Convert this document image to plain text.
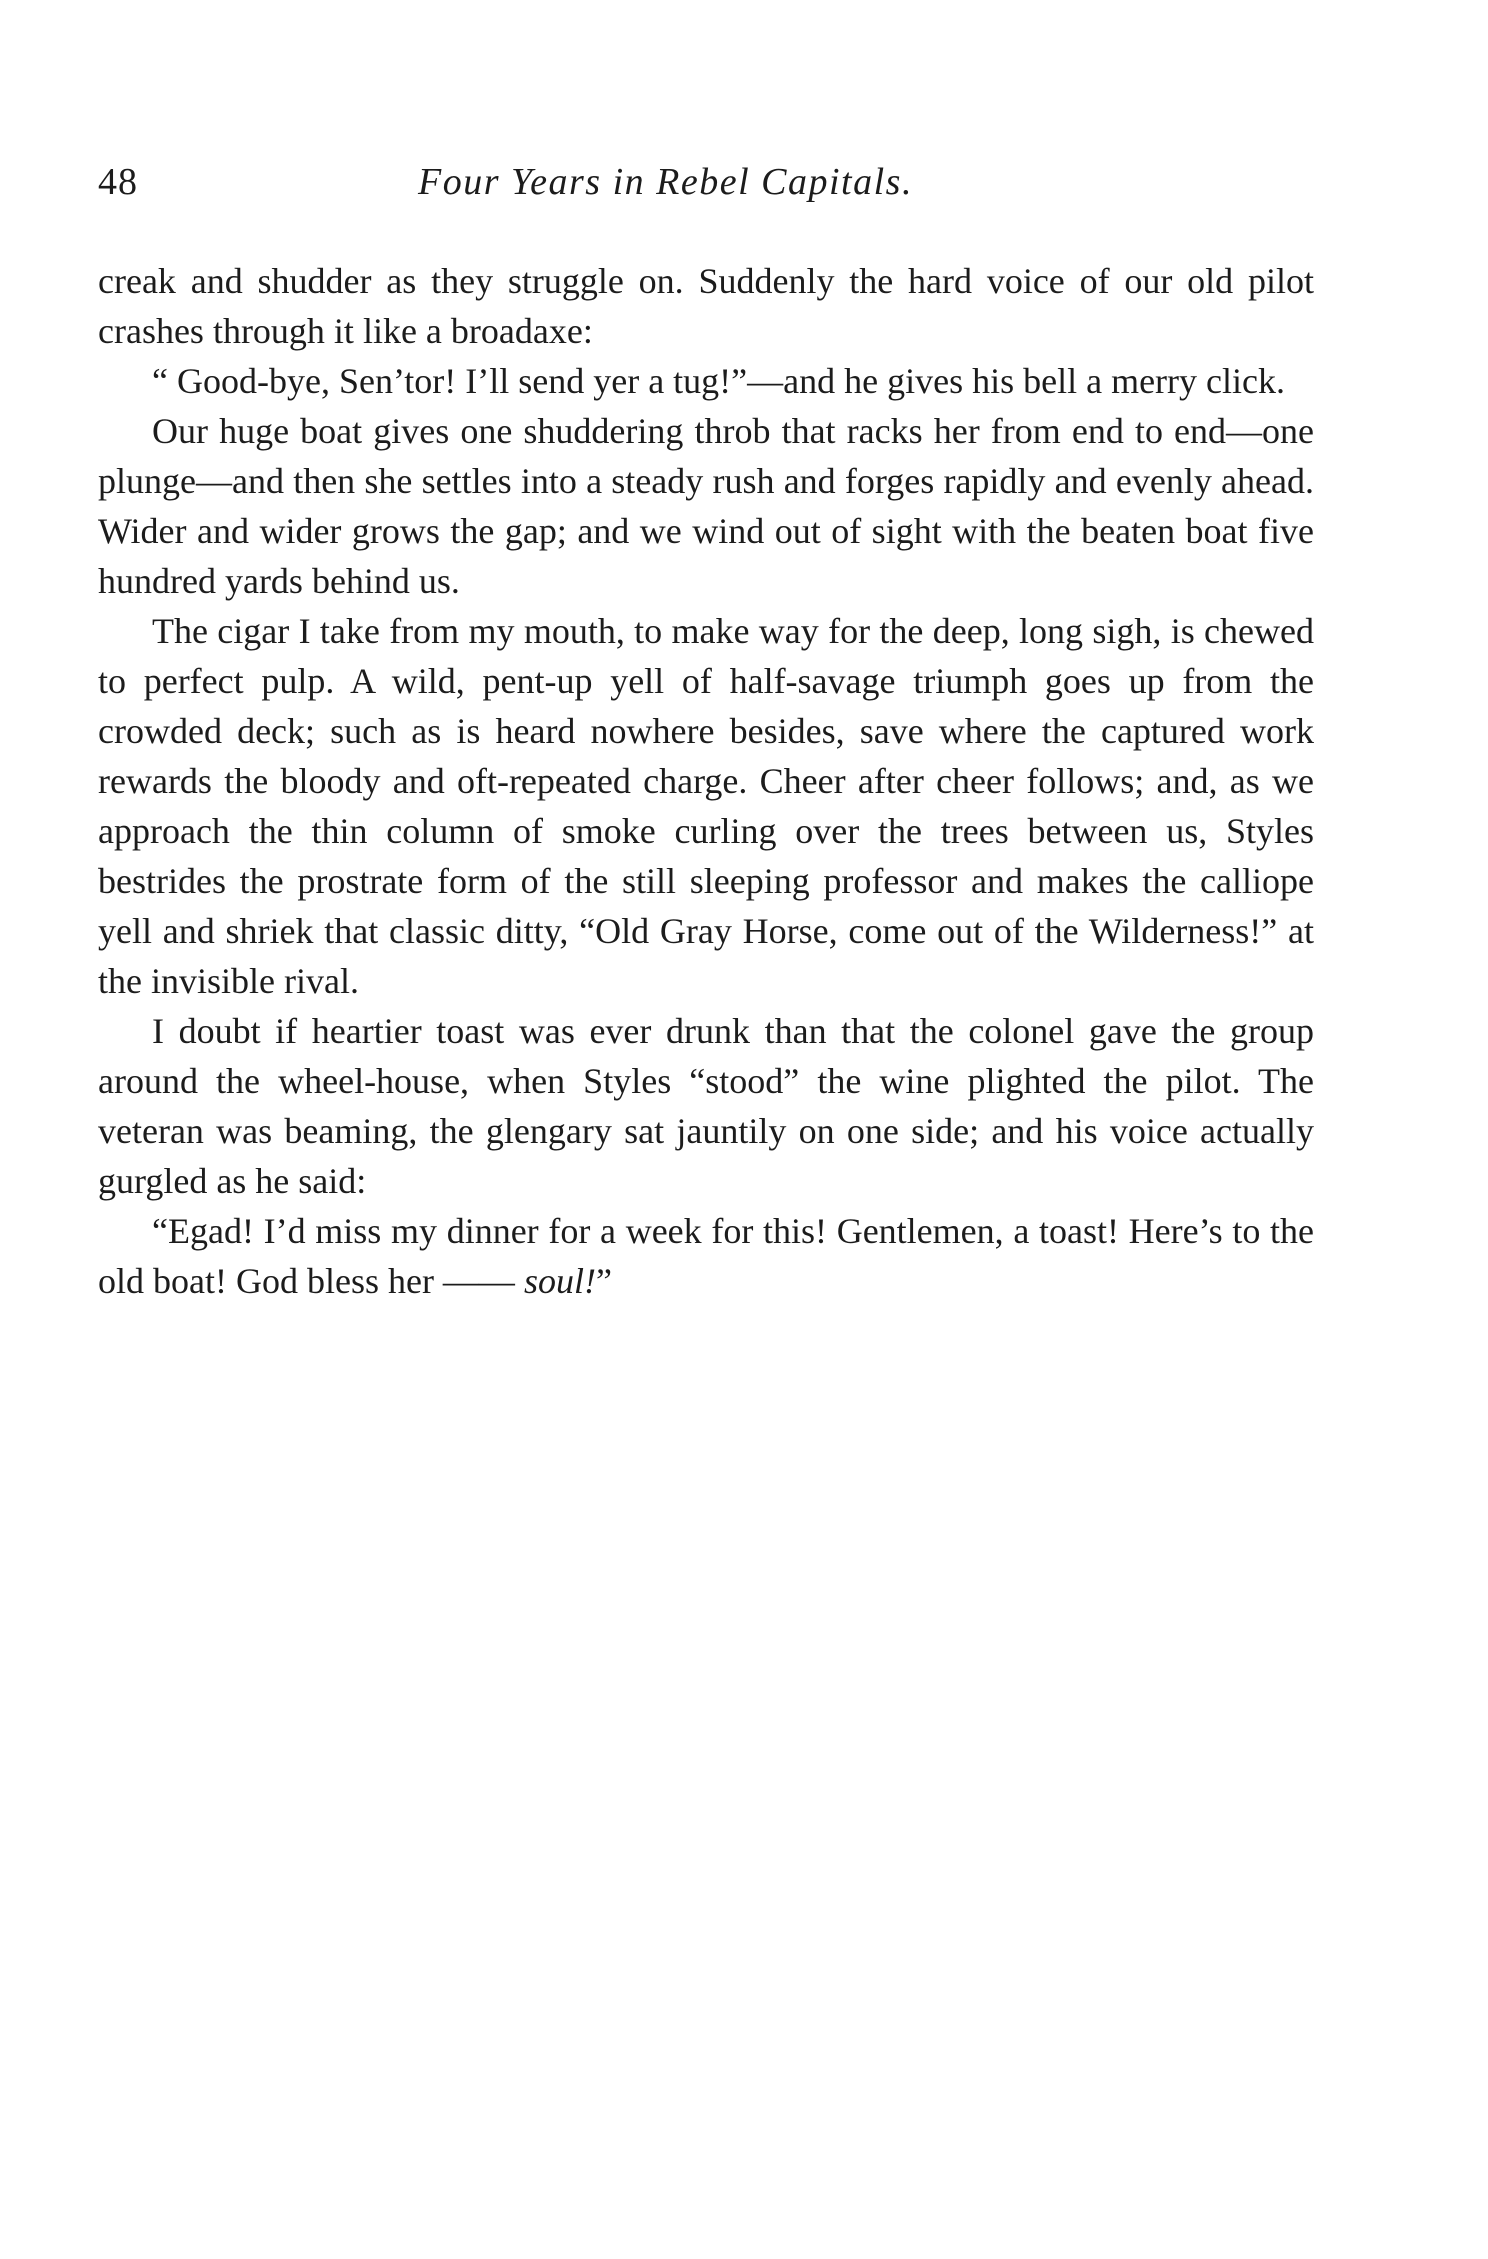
48	Four Years in Rebel Capitals.

creak and shudder as they struggle on. Suddenly the hard voice of our old pilot crashes through it like a broadaxe:

“ Good-bye, Sen’tor! I’ll send yer a tug!”—and he gives his bell a merry click.

Our huge boat gives one shuddering throb that racks her from end to end—one plunge—and then she settles into a steady rush and forges rapidly and evenly ahead. Wider and wider grows the gap; and we wind out of sight with the beaten boat five hundred yards behind us.

The cigar I take from my mouth, to make way for the deep, long sigh, is chewed to perfect pulp. A wild, pent-up yell of half-savage triumph goes up from the crowded deck; such as is heard nowhere besides, save where the captured work rewards the bloody and oft-repeated charge. Cheer after cheer follows; and, as we approach the thin column of smoke curling over the trees between us, Styles bestrides the prostrate form of the still sleeping professor and makes the calliope yell and shriek that classic ditty, “Old Gray Horse, come out of the Wilderness!” at the invisible rival.

I doubt if heartier toast was ever drunk than that the colonel gave the group around the wheel-house, when Styles “stood” the wine plighted the pilot. The veteran was beaming, the glengary sat jauntily on one side; and his voice actually gurgled as he said:

“Egad! I’d miss my dinner for a week for this! Gentlemen, a toast! Here’s to the old boat! God bless her —— soul!”
